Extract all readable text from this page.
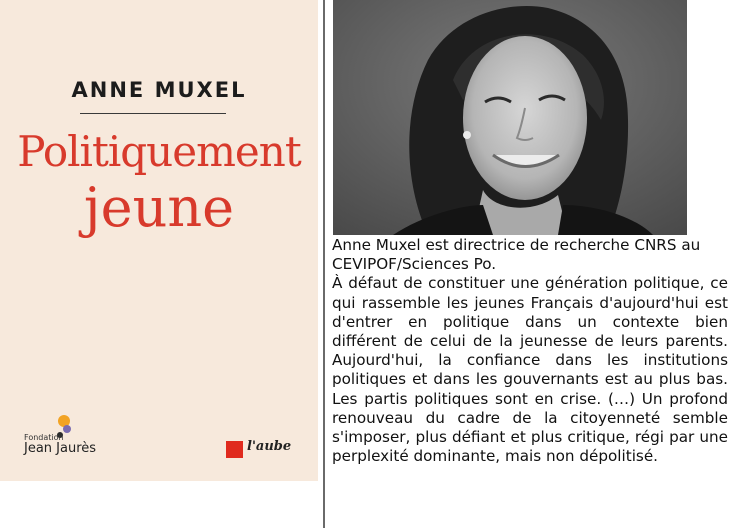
ANNE MUXEL
Politiquement
jeune
Fondation
Jean Jaurès	l'aube

Anne Muxel est directrice de recherche CNRS au CEVIPOF/Sciences Po.

À défaut de constituer une génération politique, ce qui rassemble les jeunes Français d'aujourd'hui est d'entrer en politique dans un contexte bien différent de celui de la jeunesse de leurs parents. Aujourd'hui, la confiance dans les institutions politiques et dans les gouvernants est au plus bas. Les partis politiques sont en crise. (…) Un profond renouveau du cadre de la citoyenneté semble s'imposer, plus défiant et plus critique, régi par une perplexité dominante, mais non dépolitisé.
